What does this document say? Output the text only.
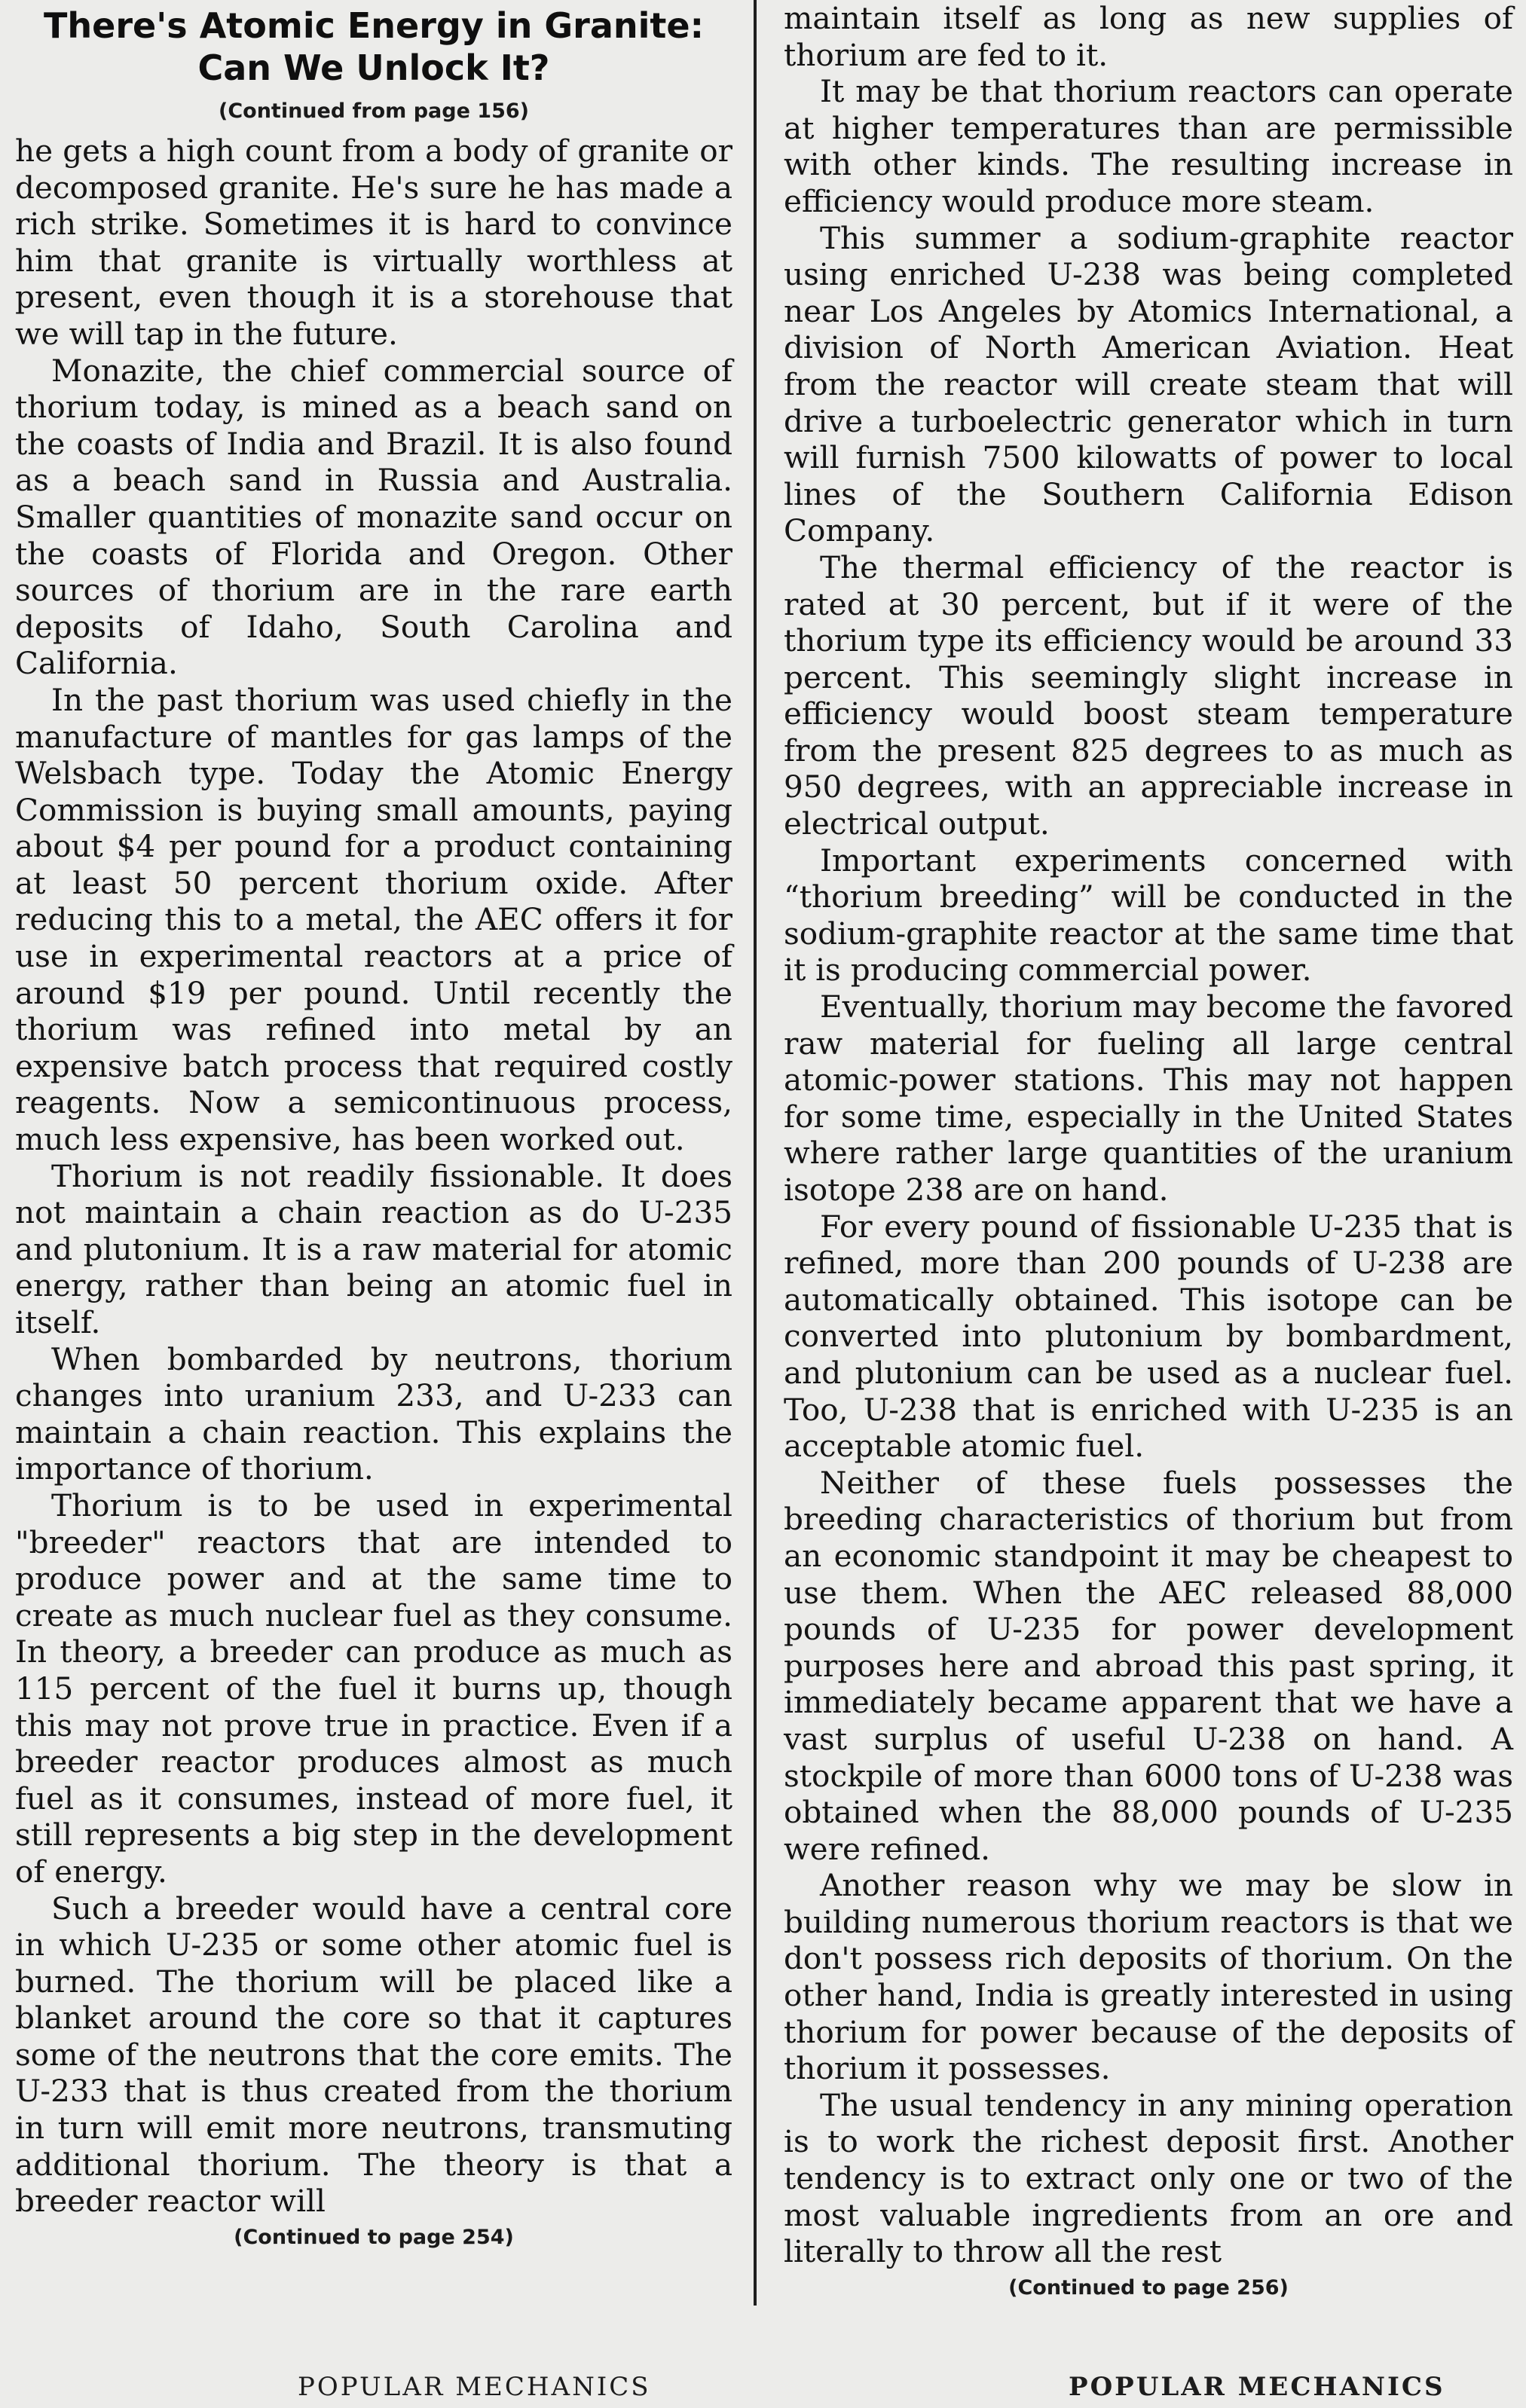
There's Atomic Energy in Granite:
Can We Unlock It?
(Continued from page 156)

he gets a high count from a body of granite or decomposed granite. He's sure he has made a rich strike. Sometimes it is hard to convince him that granite is virtually worthless at present, even though it is a storehouse that we will tap in the future.

Monazite, the chief commercial source of thorium today, is mined as a beach sand on the coasts of India and Brazil. It is also found as a beach sand in Russia and Australia. Smaller quantities of monazite sand occur on the coasts of Florida and Oregon. Other sources of thorium are in the rare earth deposits of Idaho, South Carolina and California.

In the past thorium was used chiefly in the manufacture of mantles for gas lamps of the Welsbach type. Today the Atomic Energy Commission is buying small amounts, paying about $4 per pound for a product containing at least 50 percent thorium oxide. After reducing this to a metal, the AEC offers it for use in experimental reactors at a price of around $19 per pound. Until recently the thorium was refined into metal by an expensive batch process that required costly reagents. Now a semicontinuous process, much less expensive, has been worked out.

Thorium is not readily fissionable. It does not maintain a chain reaction as do U-235 and plutonium. It is a raw material for atomic energy, rather than being an atomic fuel in itself.

When bombarded by neutrons, thorium changes into uranium 233, and U-233 can maintain a chain reaction. This explains the importance of thorium.

Thorium is to be used in experimental "breeder" reactors that are intended to produce power and at the same time to create as much nuclear fuel as they consume. In theory, a breeder can produce as much as 115 percent of the fuel it burns up, though this may not prove true in practice. Even if a breeder reactor produces almost as much fuel as it consumes, instead of more fuel, it still represents a big step in the development of energy.

Such a breeder would have a central core in which U-235 or some other atomic fuel is burned. The thorium will be placed like a blanket around the core so that it captures some of the neutrons that the core emits. The U-233 that is thus created from the thorium in turn will emit more neutrons, transmuting additional thorium. The theory is that a breeder reactor will

(Continued to page 254)

maintain itself as long as new supplies of thorium are fed to it.

It may be that thorium reactors can operate at higher temperatures than are permissible with other kinds. The resulting increase in efficiency would produce more steam.

This summer a sodium-graphite reactor using enriched U-238 was being completed near Los Angeles by Atomics International, a division of North American Aviation. Heat from the reactor will create steam that will drive a turboelectric generator which in turn will furnish 7500 kilowatts of power to local lines of the Southern California Edison Company.

The thermal efficiency of the reactor is rated at 30 percent, but if it were of the thorium type its efficiency would be around 33 percent. This seemingly slight increase in efficiency would boost steam temperature from the present 825 degrees to as much as 950 degrees, with an appreciable increase in electrical output.

Important experiments concerned with “thorium breeding” will be conducted in the sodium-graphite reactor at the same time that it is producing commercial power.

Eventually, thorium may become the favored raw material for fueling all large central atomic-power stations. This may not happen for some time, especially in the United States where rather large quantities of the uranium isotope 238 are on hand.

For every pound of fissionable U-235 that is refined, more than 200 pounds of U-238 are automatically obtained. This isotope can be converted into plutonium by bombardment, and plutonium can be used as a nuclear fuel. Too, U-238 that is enriched with U-235 is an acceptable atomic fuel.

Neither of these fuels possesses the breeding characteristics of thorium but from an economic standpoint it may be cheapest to use them. When the AEC released 88,000 pounds of U-235 for power development purposes here and abroad this past spring, it immediately became apparent that we have a vast surplus of useful U-238 on hand. A stockpile of more than 6000 tons of U-238 was obtained when the 88,000 pounds of U-235 were refined.

Another reason why we may be slow in building numerous thorium reactors is that we don't possess rich deposits of thorium. On the other hand, India is greatly interested in using thorium for power because of the deposits of thorium it possesses.

The usual tendency in any mining operation is to work the richest deposit first. Another tendency is to extract only one or two of the most valuable ingredients from an ore and literally to throw all the rest

(Continued to page 256)
POPULAR MECHANICS	POPULAR MECHANICS
